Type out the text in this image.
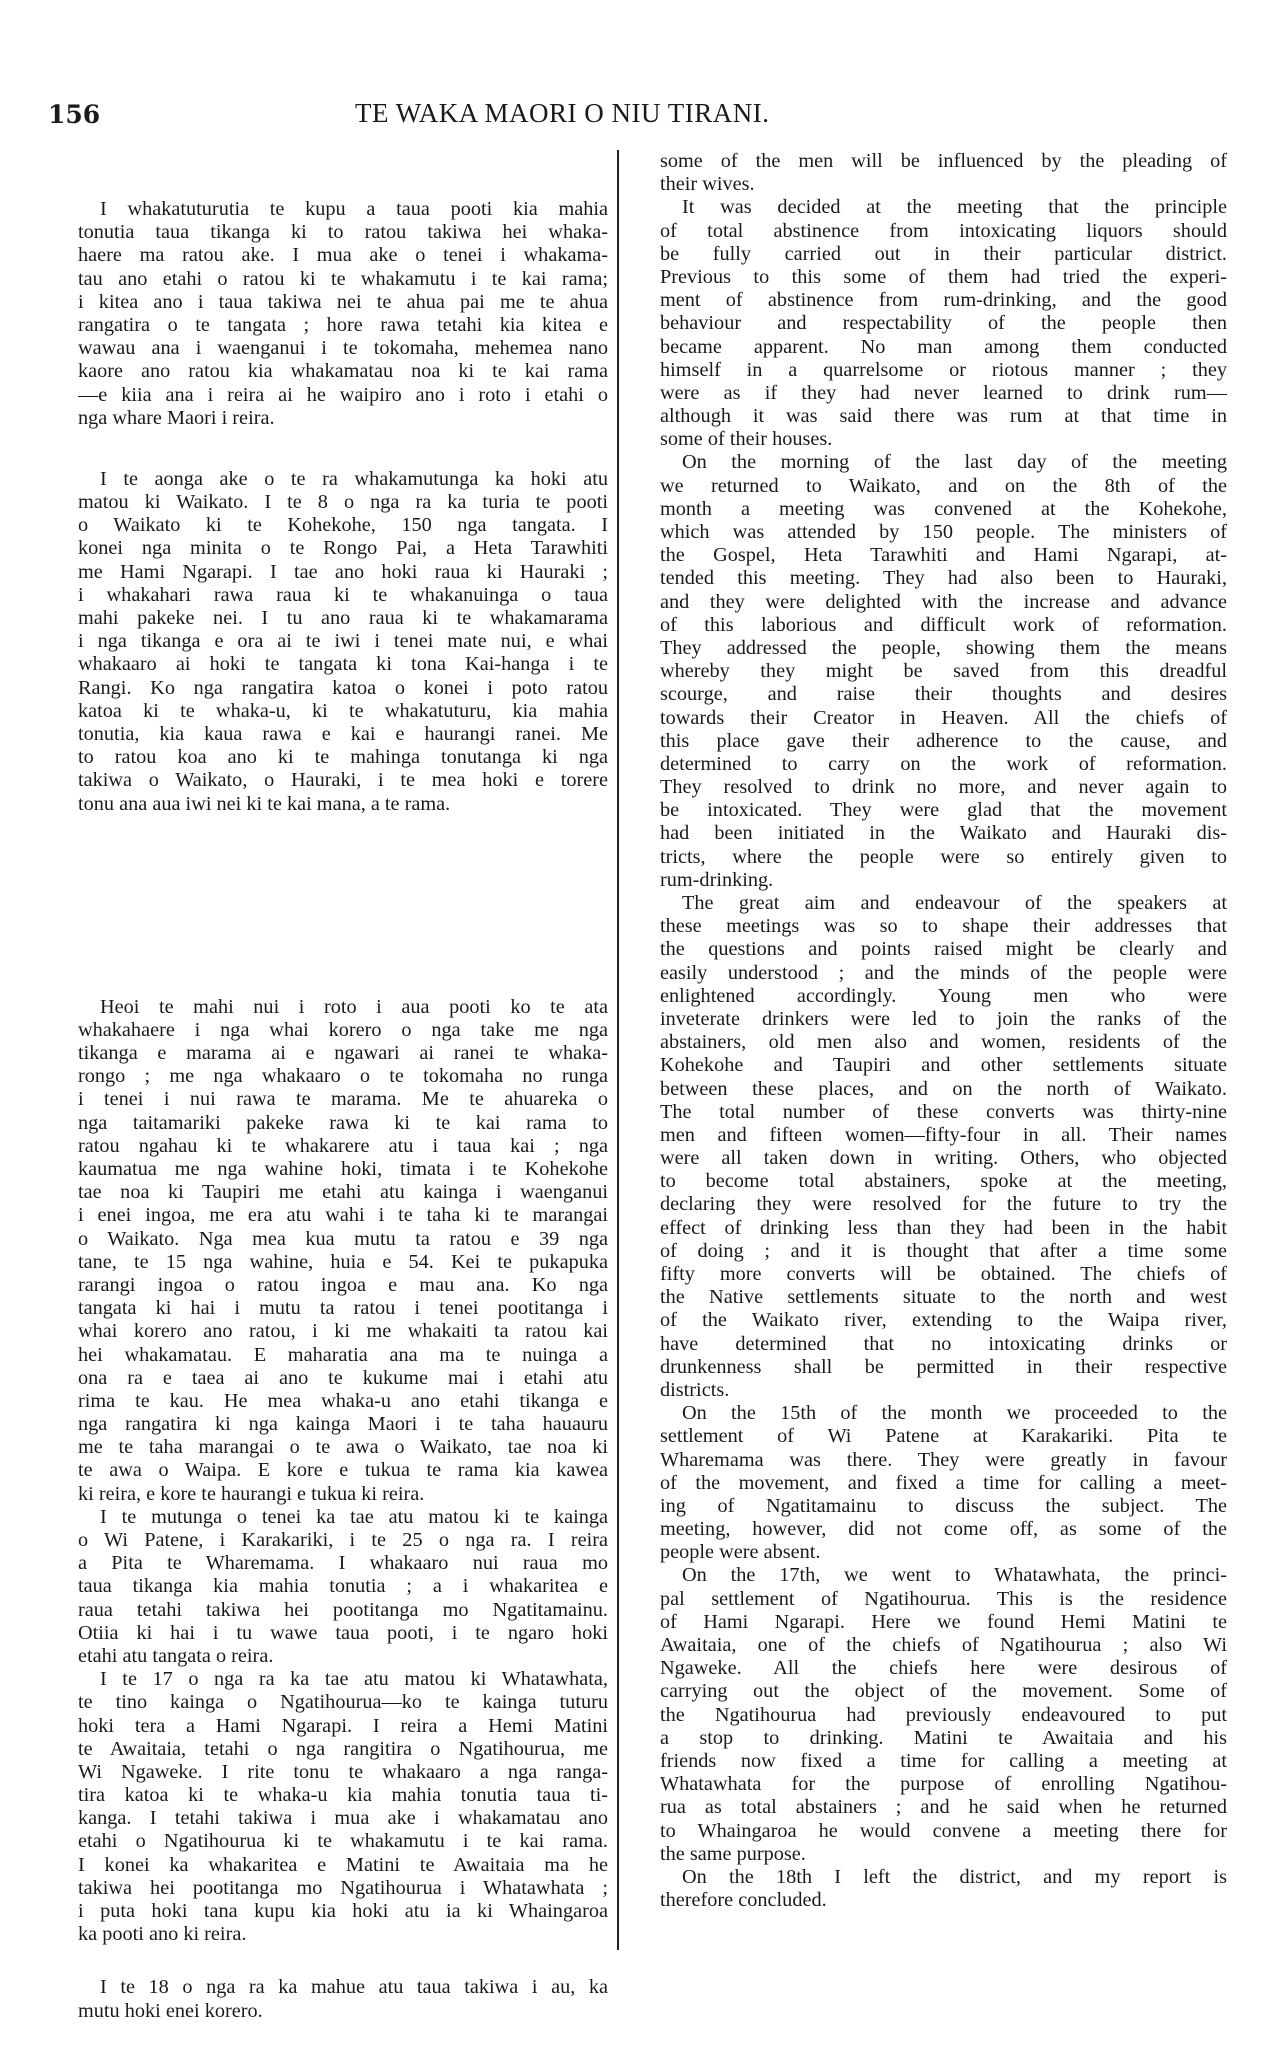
156	TE WAKA MAORI O NIU TIRANI.
I whakatuturutia te kupu a taua pooti kia mahia
tonutia taua tikanga ki to ratou takiwa hei whaka-
haere ma ratou ake. I mua ake o tenei i whakama-
tau ano etahi o ratou ki te whakamutu i te kai rama;
i kitea ano i taua takiwa nei te ahua pai me te ahua
rangatira o te tangata ; hore rawa tetahi kia kitea e
wawau ana i waenganui i te tokomaha, mehemea nano
kaore ano ratou kia whakamatau noa ki te kai rama
—e kiia ana i reira ai he waipiro ano i roto i etahi o
nga whare Maori i reira.
I te aonga ake o te ra whakamutunga ka hoki atu
matou ki Waikato. I te 8 o nga ra ka turia te pooti
o Waikato ki te Kohekohe, 150 nga tangata. I
konei nga minita o te Rongo Pai, a Heta Tarawhiti
me Hami Ngarapi. I tae ano hoki raua ki Hauraki ;
i whakahari rawa raua ki te whakanuinga o taua
mahi pakeke nei. I tu ano raua ki te whakamarama
i nga tikanga e ora ai te iwi i tenei mate nui, e whai
whakaaro ai hoki te tangata ki tona Kai-hanga i te
Rangi. Ko nga rangatira katoa o konei i poto ratou
katoa ki te whaka-u, ki te whakatuturu, kia mahia
tonutia, kia kaua rawa e kai e haurangi ranei. Me
to ratou koa ano ki te mahinga tonutanga ki nga
takiwa o Waikato, o Hauraki, i te mea hoki e torere
tonu ana aua iwi nei ki te kai mana, a te rama.
Heoi te mahi nui i roto i aua pooti ko te ata
whakahaere i nga whai korero o nga take me nga
tikanga e marama ai e ngawari ai ranei te whaka-
rongo ; me nga whakaaro o te tokomaha no runga
i tenei i nui rawa te marama. Me te ahuareka o
nga taitamariki pakeke rawa ki te kai rama to
ratou ngahau ki te whakarere atu i taua kai ; nga
kaumatua me nga wahine hoki, timata i te Kohekohe
tae noa ki Taupiri me etahi atu kainga i waenganui
i enei ingoa, me era atu wahi i te taha ki te marangai
o Waikato. Nga mea kua mutu ta ratou e 39 nga
tane, te 15 nga wahine, huia e 54. Kei te pukapuka
rarangi ingoa o ratou ingoa e mau ana. Ko nga
tangata ki hai i mutu ta ratou i tenei pootitanga i
whai korero ano ratou, i ki me whakaiti ta ratou kai
hei whakamatau. E maharatia ana ma te nuinga a
ona ra e taea ai ano te kukume mai i etahi atu
rima te kau. He mea whaka-u ano etahi tikanga e
nga rangatira ki nga kainga Maori i te taha hauauru
me te taha marangai o te awa o Waikato, tae noa ki
te awa o Waipa. E kore e tukua te rama kia kawea
ki reira, e kore te haurangi e tukua ki reira.
I te mutunga o tenei ka tae atu matou ki te kainga
o Wi Patene, i Karakariki, i te 25 o nga ra. I reira
a Pita te Wharemama. I whakaaro nui raua mo
taua tikanga kia mahia tonutia ; a i whakaritea e
raua tetahi takiwa hei pootitanga mo Ngatitamainu.
Otiia ki hai i tu wawe taua pooti, i te ngaro hoki
etahi atu tangata o reira.
I te 17 o nga ra ka tae atu matou ki Whatawhata,
te tino kainga o Ngatihourua—ko te kainga tuturu
hoki tera a Hami Ngarapi. I reira a Hemi Matini
te Awaitaia, tetahi o nga rangitira o Ngatihourua, me
Wi Ngaweke. I rite tonu te whakaaro a nga ranga-
tira katoa ki te whaka-u kia mahia tonutia taua ti-
kanga. I tetahi takiwa i mua ake i whakamatau ano
etahi o Ngatihourua ki te whakamutu i te kai rama.
I konei ka whakaritea e Matini te Awaitaia ma he
takiwa hei pootitanga mo Ngatihourua i Whatawhata ;
i puta hoki tana kupu kia hoki atu ia ki Whaingaroa
ka pooti ano ki reira.
I te 18 o nga ra ka mahue atu taua takiwa i au, ka
mutu hoki enei korero.
some of the men will be influenced by the pleading of
their wives.
It was decided at the meeting that the principle
of total abstinence from intoxicating liquors should
be fully carried out in their particular district.
Previous to this some of them had tried the experi-
ment of abstinence from rum-drinking, and the good
behaviour and respectability of the people then
became apparent. No man among them conducted
himself in a quarrelsome or riotous manner ; they
were as if they had never learned to drink rum—
although it was said there was rum at that time in
some of their houses.
On the morning of the last day of the meeting
we returned to Waikato, and on the 8th of the
month a meeting was convened at the Kohekohe,
which was attended by 150 people. The ministers of
the Gospel, Heta Tarawhiti and Hami Ngarapi, at-
tended this meeting. They had also been to Hauraki,
and they were delighted with the increase and advance
of this laborious and difficult work of reformation.
They addressed the people, showing them the means
whereby they might be saved from this dreadful
scourge, and raise their thoughts and desires
towards their Creator in Heaven. All the chiefs of
this place gave their adherence to the cause, and
determined to carry on the work of reformation.
They resolved to drink no more, and never again to
be intoxicated. They were glad that the movement
had been initiated in the Waikato and Hauraki dis-
tricts, where the people were so entirely given to
rum-drinking.
The great aim and endeavour of the speakers at
these meetings was so to shape their addresses that
the questions and points raised might be clearly and
easily understood ; and the minds of the people were
enlightened accordingly. Young men who were
inveterate drinkers were led to join the ranks of the
abstainers, old men also and women, residents of the
Kohekohe and Taupiri and other settlements situate
between these places, and on the north of Waikato.
The total number of these converts was thirty-nine
men and fifteen women—fifty-four in all. Their names
were all taken down in writing. Others, who objected
to become total abstainers, spoke at the meeting,
declaring they were resolved for the future to try the
effect of drinking less than they had been in the habit
of doing ; and it is thought that after a time some
fifty more converts will be obtained. The chiefs of
the Native settlements situate to the north and west
of the Waikato river, extending to the Waipa river,
have determined that no intoxicating drinks or
drunkenness shall be permitted in their respective
districts.
On the 15th of the month we proceeded to the
settlement of Wi Patene at Karakariki. Pita te
Wharemama was there. They were greatly in favour
of the movement, and fixed a time for calling a meet-
ing of Ngatitamainu to discuss the subject. The
meeting, however, did not come off, as some of the
people were absent.
On the 17th, we went to Whatawhata, the princi-
pal settlement of Ngatihourua. This is the residence
of Hami Ngarapi. Here we found Hemi Matini te
Awaitaia, one of the chiefs of Ngatihourua ; also Wi
Ngaweke. All the chiefs here were desirous of
carrying out the object of the movement. Some of
the Ngatihourua had previously endeavoured to put
a stop to drinking. Matini te Awaitaia and his
friends now fixed a time for calling a meeting at
Whatawhata for the purpose of enrolling Ngatihou-
rua as total abstainers ; and he said when he returned
to Whaingaroa he would convene a meeting there for
the same purpose.
On the 18th I left the district, and my report is
therefore concluded.
